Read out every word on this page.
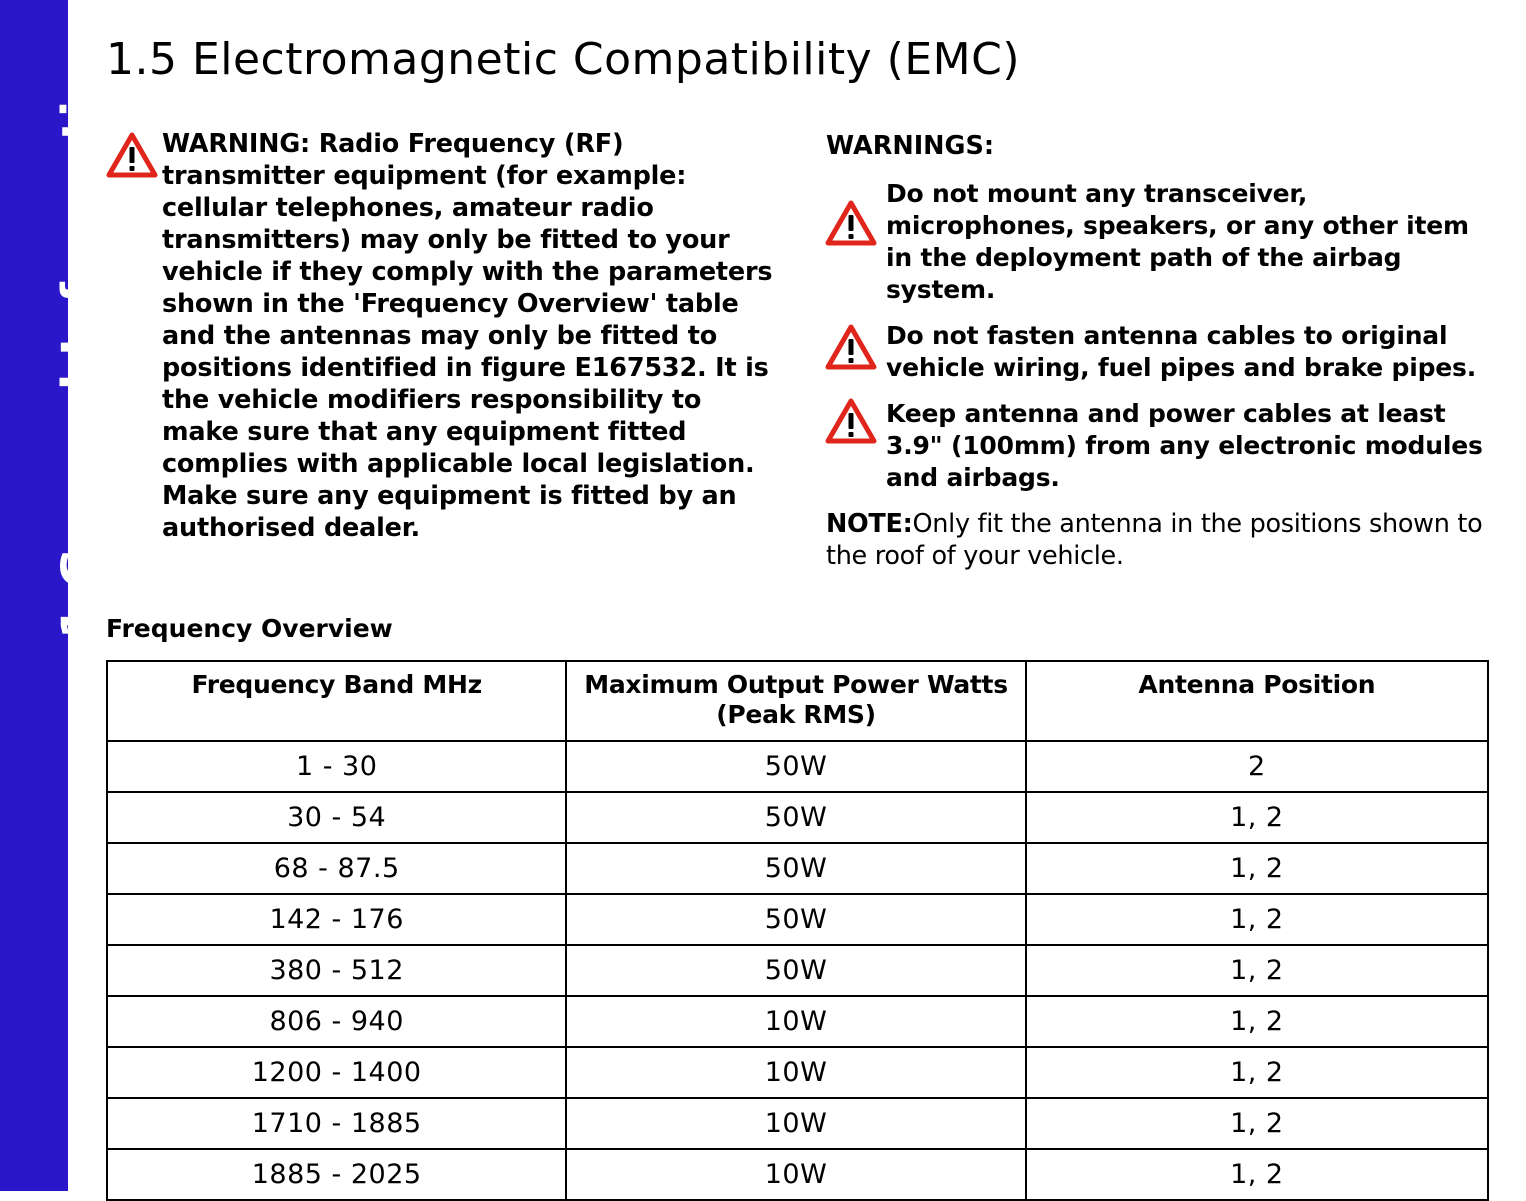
1 General Information
1.5 Electromagnetic Compatibility (EMC)
WARNING: Radio Frequency (RF) transmitter equipment (for example: cellular telephones, amateur radio transmitters) may only be fitted to your vehicle if they comply with the parameters shown in the 'Frequency Overview' table and the antennas may only be fitted to positions identified in figure E167532. It is the vehicle modifiers responsibility to make sure that any equipment fitted complies with applicable local legislation. Make sure any equipment is fitted by an authorised dealer.
WARNINGS:
Do not mount any transceiver, microphones, speakers, or any other item in the deployment path of the airbag system.
Do not fasten antenna cables to original vehicle wiring, fuel pipes and brake pipes.
Keep antenna and power cables at least 3.9" (100mm) from any electronic modules and airbags.
NOTE:Only fit the antenna in the positions shown to the roof of your vehicle.
Frequency Overview
Frequency Band MHz	Maximum Output Power Watts (Peak RMS)	Antenna Position
1 - 30	50W	2
30 - 54	50W	1, 2
68 - 87.5	50W	1, 2
142 - 176	50W	1, 2
380 - 512	50W	1, 2
806 - 940	10W	1, 2
1200 - 1400	10W	1, 2
1710 - 1885	10W	1, 2
1885 - 2025	10W	1, 2
